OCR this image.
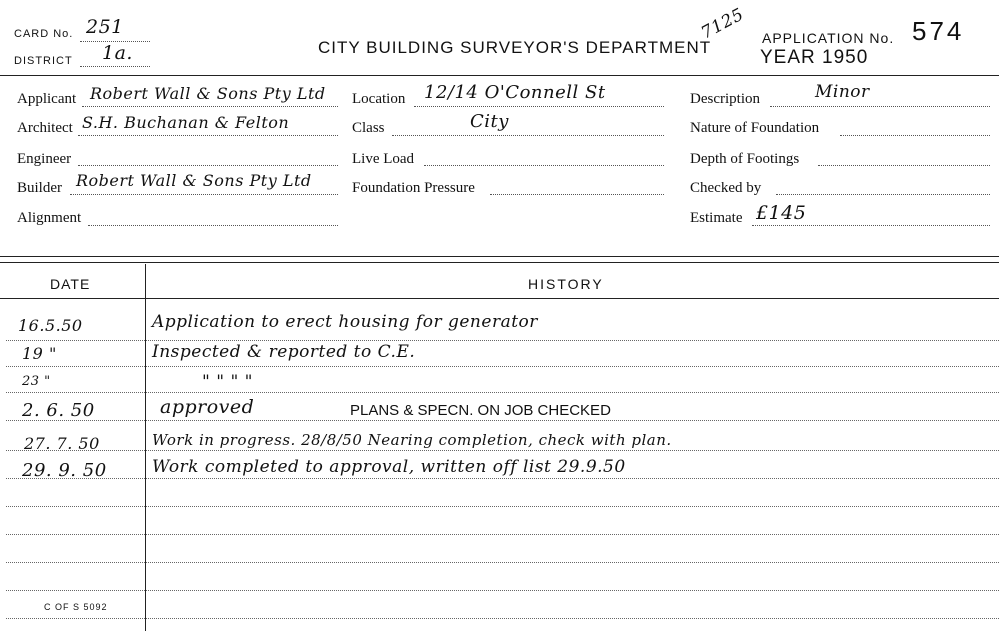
CARD No. 251
DISTRICT 1a.	CITY BUILDING SURVEYOR'S DEPARTMENT
7125 APPLICATION No. 574
YEAR 1950
Applicant Robert Wall & Sons Pty Ltd
Architect S.H. Buchanan & Felton
Engineer
Builder Robert Wall & Sons Pty Ltd
Alignment
Location 12/14 O'Connell St
Class	City
Live Load
Foundation Pressure
Description	Minor
Nature of Foundation
Depth of Footings
Checked by
Estimate £145
DATE	HISTORY
16.5.50	Application to erect housing for generator
19 "	Inspected & reported to C.E.
23 "	" " " "
2. 6. 50	approved	PLANS & SPECN. ON JOB CHECKED
27. 7. 50	Work in progress. 28/8/50 Nearing completion, check with plan.
29. 9. 50	Work completed to approval, written off list 29.9.50
C OF S 5092
